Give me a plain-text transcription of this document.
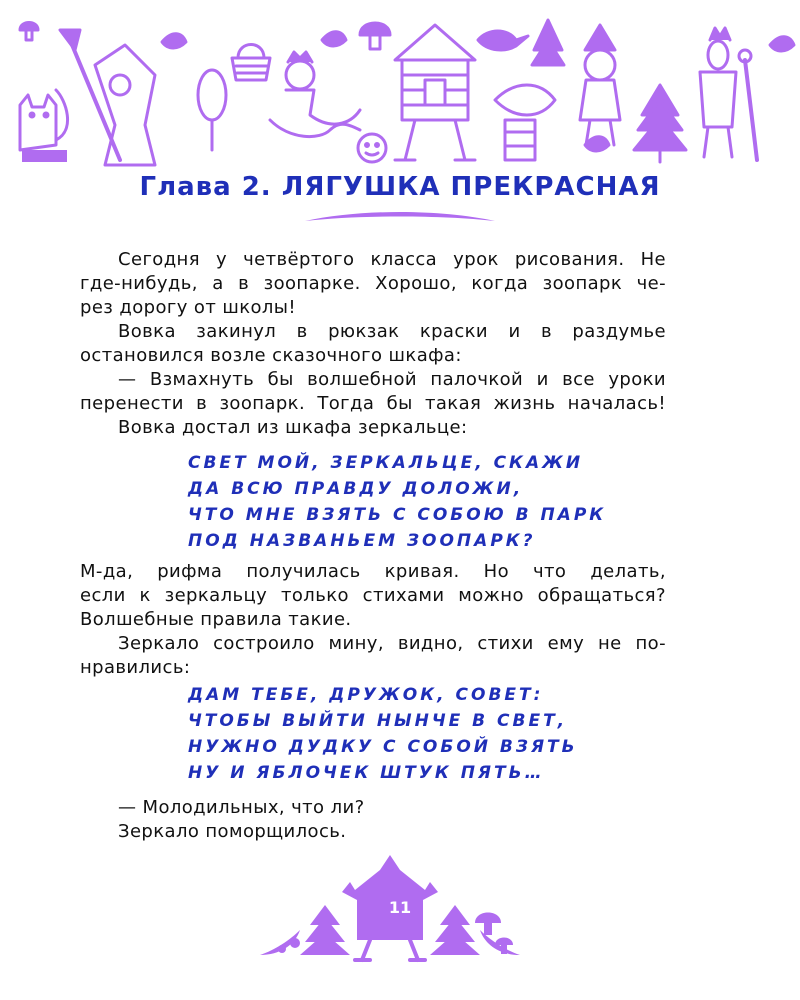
Глава 2. ЛЯГУШКА ПРЕКРАСНАЯ

Сегодня у четвёртого класса урок рисования. Не
где-нибудь, а в зоопарке. Хорошо, когда зоопарк че-
рез дорогу от школы!

Вовка закинул в рюкзак краски и в раздумье
остановился возле сказочного шкафа:

— Взмахнуть бы волшебной палочкой и все уроки
перенести в зоопарк. Тогда бы такая жизнь началась!

Вовка достал из шкафа зеркальце:

СВЕТ МОЙ, ЗЕРКАЛЬЦЕ, СКАЖИ
ДА ВСЮ ПРАВДУ ДОЛОЖИ,
ЧТО МНЕ ВЗЯТЬ С СОБОЮ В ПАРК
ПОД НАЗВАНЬЕМ ЗООПАРК?

М-да, рифма получилась кривая. Но что делать,
если к зеркальцу только стихами можно обращаться?
Волшебные правила такие.

Зеркало состроило мину, видно, стихи ему не по-
нравились:

ДАМ ТЕБЕ, ДРУЖОК, СОВЕТ:
ЧТОБЫ ВЫЙТИ НЫНЧЕ В СВЕТ,
НУЖНО ДУДКУ С СОБОЙ ВЗЯТЬ
НУ И ЯБЛОЧЕК ШТУК ПЯТЬ…

— Молодильных, что ли?

Зеркало поморщилось.

11
